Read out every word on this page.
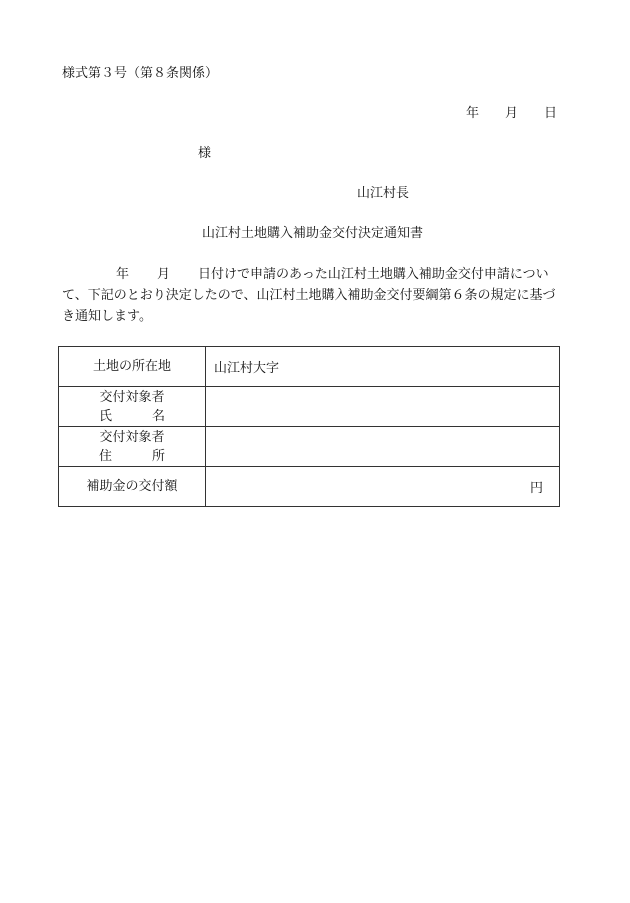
様式第３号（第８条関係）
年 月 日
様
山江村長
山江村土地購入補助金交付決定通知書
年 月 日付けで申請のあった山江村土地購入補助金交付申請につい
て、下記のとおり決定したので、山江村土地購入補助金交付要綱第６条の規定に基づ
き通知します。
土地の所在地	山江村大字

交付対象者
氏 名	

交付対象者
住 所	
補助金の交付額	円
